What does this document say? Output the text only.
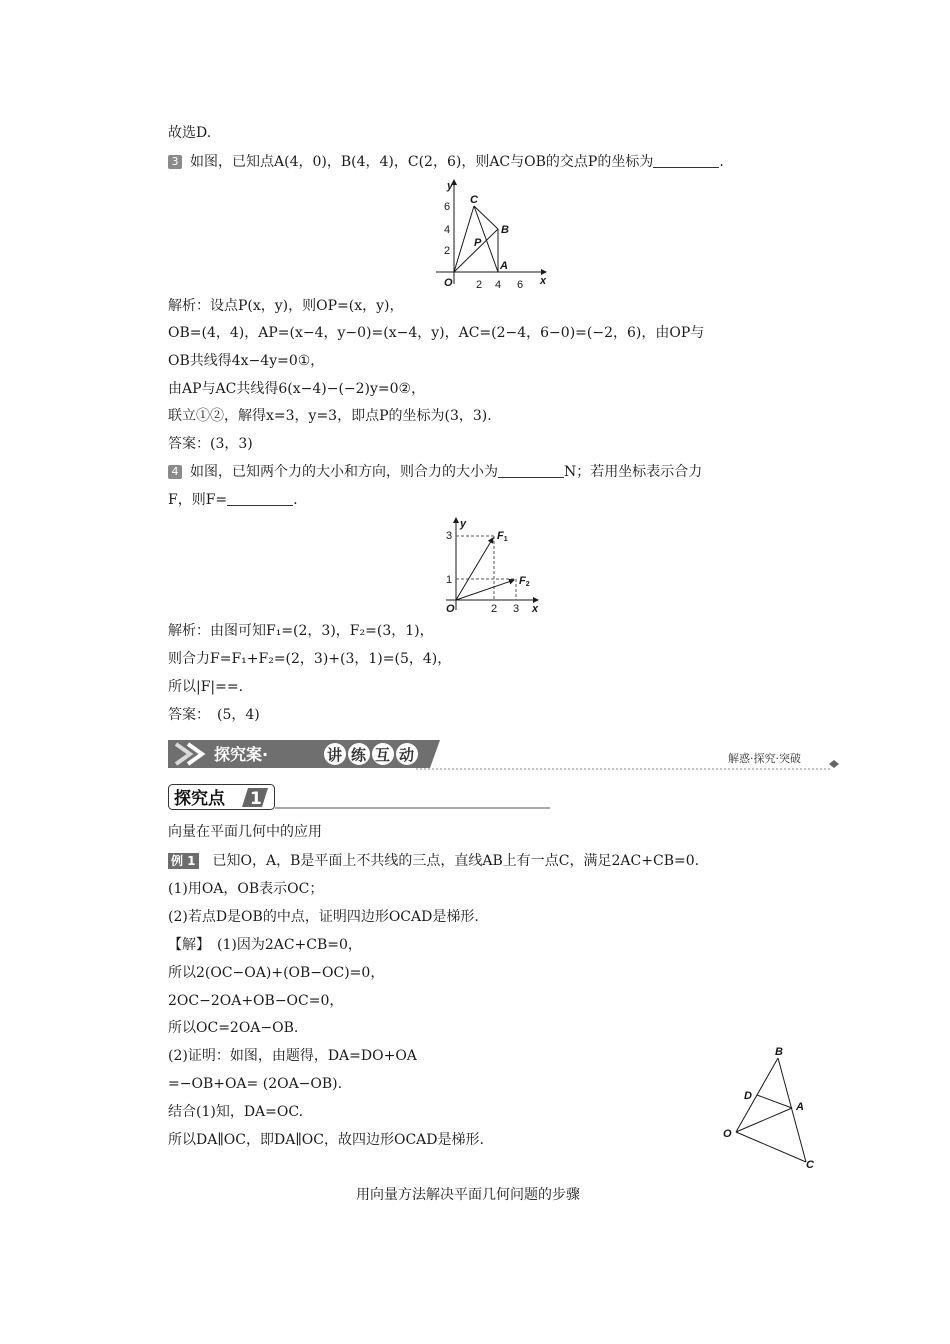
故选D.
3 如图，已知点A(4，0)，B(4，4)，C(2，6)，则AC与OB的交点P的坐标为	.
x
y
2 4 6
2
4
6
O
A
B
C
P
解析：设点P(x，y)，则OP=(x，y)，
OB=(4，4)，AP=(x−4，y−0)=(x−4，y)，AC=(2−4，6−0)=(−2，6)，由OP与
OB共线得4x−4y=0①，
由AP与AC共线得6(x−4)−(−2)y=0②，
联立①②，解得x=3，y=3，即点P的坐标为(3，3).
答案：(3，3)
4 如图，已知两个力的大小和方向，则合力的大小为	N；若用坐标表示合力
F，则F=	.
x
y
3
1
2 3
O
F1
F2
解析：由图可知F₁=(2，3)，F₂=(3，1)，
则合力F=F₁+F₂=(2，3)+(3，1)=(5，4)，
所以|F|==.
答案：　(5，4)
探究案·	讲 练 互 动	解惑·探究·突破
探究点 1
向量在平面几何中的应用
例 1 已知O，A，B是平面上不共线的三点，直线AB上有一点C，满足2AC+CB=0.
(1)用OA，OB表示OC；
(2)若点D是OB的中点，证明四边形OCAD是梯形.
【解】　(1)因为2AC+CB=0，
所以2(OC−OA)+(OB−OC)=0，
2OC−2OA+OB−OC=0，
所以OC=2OA−OB.
(2)证明：如图，由题得，DA=DO+OA
=−OB+OA= (2OA−OB).
结合(1)知，DA=OC.
所以DA∥OC，即DA∥OC，故四边形OCAD是梯形.
B
D
A
O
C
用向量方法解决平面几何问题的步骤
